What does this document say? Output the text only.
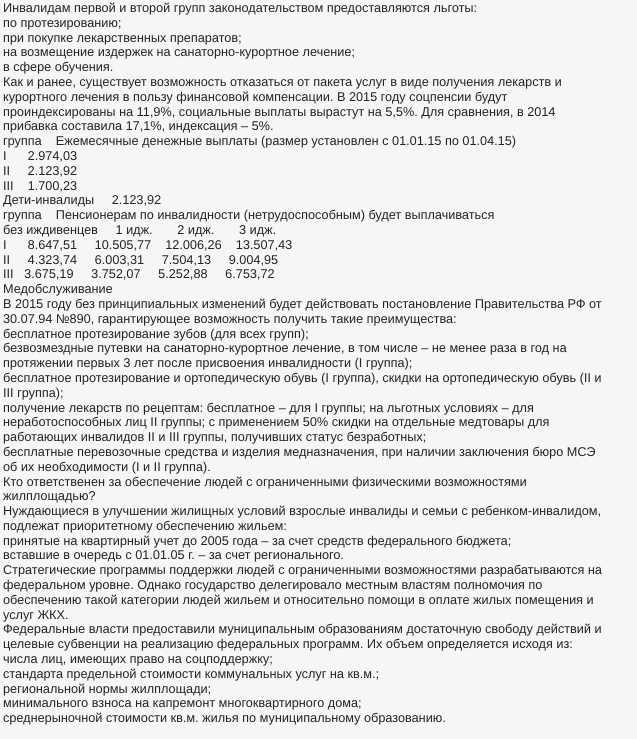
Инвалидам первой и второй групп законодательством предоставляются льготы:
по протезированию;
при покупке лекарственных препаратов;
на возмещение издержек на санаторно-курортное лечение;
в сфере обучения.
Как и ранее, существует возможность отказаться от пакета услуг в виде получения лекарств и
курортного лечения в пользу финансовой компенсации. В 2015 году соцпенсии будут
проиндексированы на 11,9%, социальные выплаты вырастут на 5,5%. Для сравнения, в 2014
прибавка составила 17,1%, индексация – 5%.
группа    Ежемесячные денежные выплаты (размер установлен с 01.01.15 по 01.04.15)
I      2.974,03
II     2.123,92
III    1.700,23
Дети-инвалиды     2.123,92
группа    Пенсионерам по инвалидности (нетрудоспособным) будет выплачиваться
без иждивенцев     1 идж.       2 идж.       3 идж.
I      8.647,51     10.505,77    12.006,26    13.507,43
II     4.323,74     6.003,31     7.504,13     9.004,95
III   3.675,19     3.752,07     5.252,88     6.753,72
Медобслуживание
В 2015 году без принципиальных изменений будет действовать постановление Правительства РФ от
30.07.94 №890, гарантирующее возможность получить такие преимущества:
бесплатное протезирование зубов (для всех групп);
безвозмездные путевки на санаторно-курортное лечение, в том числе – не менее раза в год на
протяжении первых 3 лет после присвоения инвалидности (I группа);
бесплатное протезирование и ортопедическую обувь (I группа), скидки на ортопедическую обувь (II и
III группа);
получение лекарств по рецептам: бесплатное – для I группы; на льготных условиях – для
неработоспособных лиц II группы; с применением 50% скидки на отдельные медтовары для
работающих инвалидов II и III группы, получивших статус безработных;
бесплатные перевозочные средства и изделия медназначения, при наличии заключения бюро МСЭ
об их необходимости (I и II группа).
Кто ответственен за обеспечение людей с ограниченными физическими возможностями
жилплощадью?
Нуждающиеся в улучшении жилищных условий взрослые инвалиды и семьи с ребенком-инвалидом,
подлежат приоритетному обеспечению жильем:
принятые на квартирный учет до 2005 года – за счет средств федерального бюджета;
вставшие в очередь с 01.01.05 г. – за счет регионального.
Стратегические программы поддержки людей с ограниченными возможностями разрабатываются на
федеральном уровне. Однако государство делегировало местным властям полномочия по
обеспечению такой категории людей жильем и относительно помощи в оплате жилых помещения и
услуг ЖКХ.
Федеральные власти предоставили муниципальным образованиям достаточную свободу действий и
целевые субвенции на реализацию федеральных программ. Их объем определяется исходя из:
числа лиц, имеющих право на соцподдержку;
стандарта предельной стоимости коммунальных услуг на кв.м.;
региональной нормы жилплощади;
минимального взноса на капремонт многоквартирного дома;
среднерыночной стоимости кв.м. жилья по муниципальному образованию.
